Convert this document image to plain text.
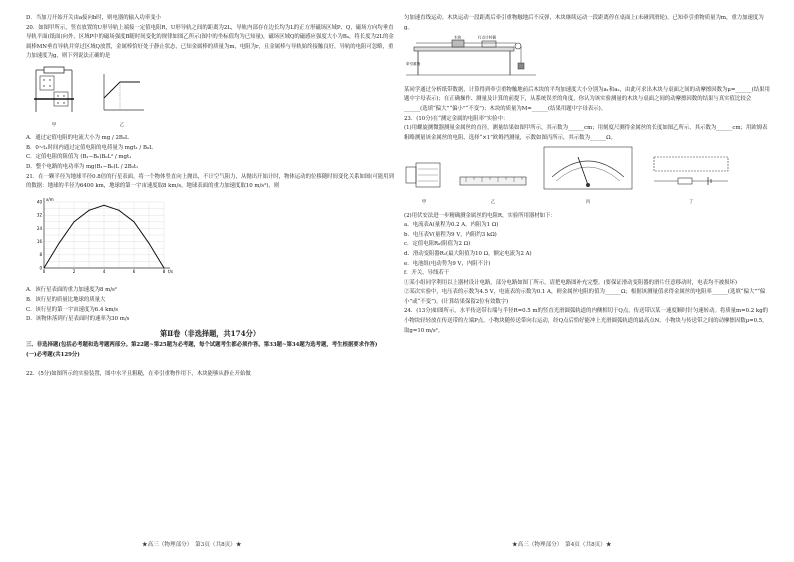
D．当加刀开始开关由a接向b时，则电器的输入功率变小

20．如图甲所示，竖直放置的U形导轨上端接一定值电阻R，U形导轨之间的距离为2L，导轨内部存在边长均为L的正方形磁场区域P、Q，磁场方向均垂直导轨平面(纸面)向外，区域P中的磁场强度B随时间变化的规律如图乙所示(图中的坐标值均为已知量)，磁场区域Q的磁感应强度大小为B₀，将长度为2L的金属棒MN垂直导轨并穿过区域Q放置，金属棒恰好处于静止状态，已知金属棒的质量为m，电阻为r，且金属棒与导轨始终接触良好，导轨的电阻可忽略，重力加速度为g，则下列说法正确的是

甲	乙

A．通过定值电阻的电流大小为 mg / 2B₀L

B．0~t₁时间内通过定值电阻的电荷量为 mgt₁ / B₀L

C．定值电阻的阻值为 (B₁−B₀)B₀L² / mgt₁

D．整个电路的电功率为 mg(B₁−B₀)L / 2B₀t₁

21．在一颗半径为地球半径0.8倍的行星表面，将一个物体竖直向上抛出，不计空气阻力，从抛出开始计时，物体运动的位移随时间变化关系如图(可能用到的数据：地球的半径为6400 km，地球的第一宇宙速度取8 km/s，地球表面的重力加速度取10 m/s²)，则

0
8
16
24
32
40
0	2	4	6	8 t/s
x/m

A．该行星表面的重力加速度为8 m/s²

B．该行星的质量比地球的质量大

C．该行星的第一宇宙速度为6.4 km/s

D．该物体落到行星表面时的速率为30 m/s

第Ⅱ卷（非选择题，共174分）

三、非选择题(包括必考题和选考题两部分。第22题~第25题为必考题，每个试题考生都必须作答。第33题~第34题为选考题，考生根据要求作答)

(一)必考题(共129分)

22．(5分)如图所示的实验装置，图中水平且粗糙，在牵引重物作用下，木块能够从静止开始做

★高三（物理部分）　第3页（共8页）★

匀加速直线运动。木块运动一段距离后牵引重物触地后不反弹，木块继续运动一段距离停在桌面上(未碰到滑轮)。已知牵引重物质量为m，重力加速度为g。

木块	打点计时器
牵引重物

某同学通过分析纸带数据，计算得到牵引重物触地前后木块的平均加速度大小分别为a₁和a₂，由此可求出木块与桌面之间的动摩擦因数为μ=______(结果用题中字母表示)；在正确操作、测量及计算的前提下，从系统误差的角度，你认为该实验测量的木块与桌面之间的动摩擦因数的结果与真实值比较会______(选填“偏大”“偏小”“不变”)；木块的质量为M=______(结果用题中字母表示)。

23．(10分)在“测定金属的电阻率”实验中：

(1)用螺旋测微器测量金属丝的直径，测量结果如图甲所示，其示数为______cm；用刻度尺测得金属丝的长度如图乙所示，其示数为______cm；用欧姆表粗略测量该金属丝的电阻，选择“×1”欧姆挡测量，示数如图丙所示，其示数为______Ω。

甲	乙	丙	丁

(2)用伏安法进一步精确测金属丝的电阻R，实验所用器材如下：

a．电流表A(量程为0.2 A，内阻为1 Ω)

b．电压表V(量程为9 V，内阻约3 kΩ)

c．定值电阻R₀(阻值为2 Ω)

d．滑动变阻器R₁(最大阻值为10 Ω，额定电流为2 A)

e．电池组(电动势为9 V，内阻不计)

f．开关、导线若干

①某小组同学利用以上器材设计电路，部分电路如图丁所示，请把电路图补充完整。(要保证滑动变阻器的滑片任意移动时，电表均不被损坏)

②某次实验中，电压表的示数为4.5 V，电流表的示数为0.1 A，则金属丝电阻的值为______Ω；根据该测量值求得金属丝的电阻率______(选填“偏大”“偏小”或“不变”)。(计算结果保留2位有效数字)

24．(13分)如图所示，水平传送带右端与半径R=0.5 m的竖直光滑圆弧轨道的内侧相切于Q点，传送带以某一速度顺时针匀速转动。将质量m=0.2 kg的小物块轻轻放在传送带的左端P点，小物块随传送带向右运动，经Q点后恰好能冲上光滑圆弧轨道的最高点N。小物块与传送带之间的动摩擦因数μ=0.5，取g=10 m/s²。

★高三（物理部分）　第4页（共8页）★
